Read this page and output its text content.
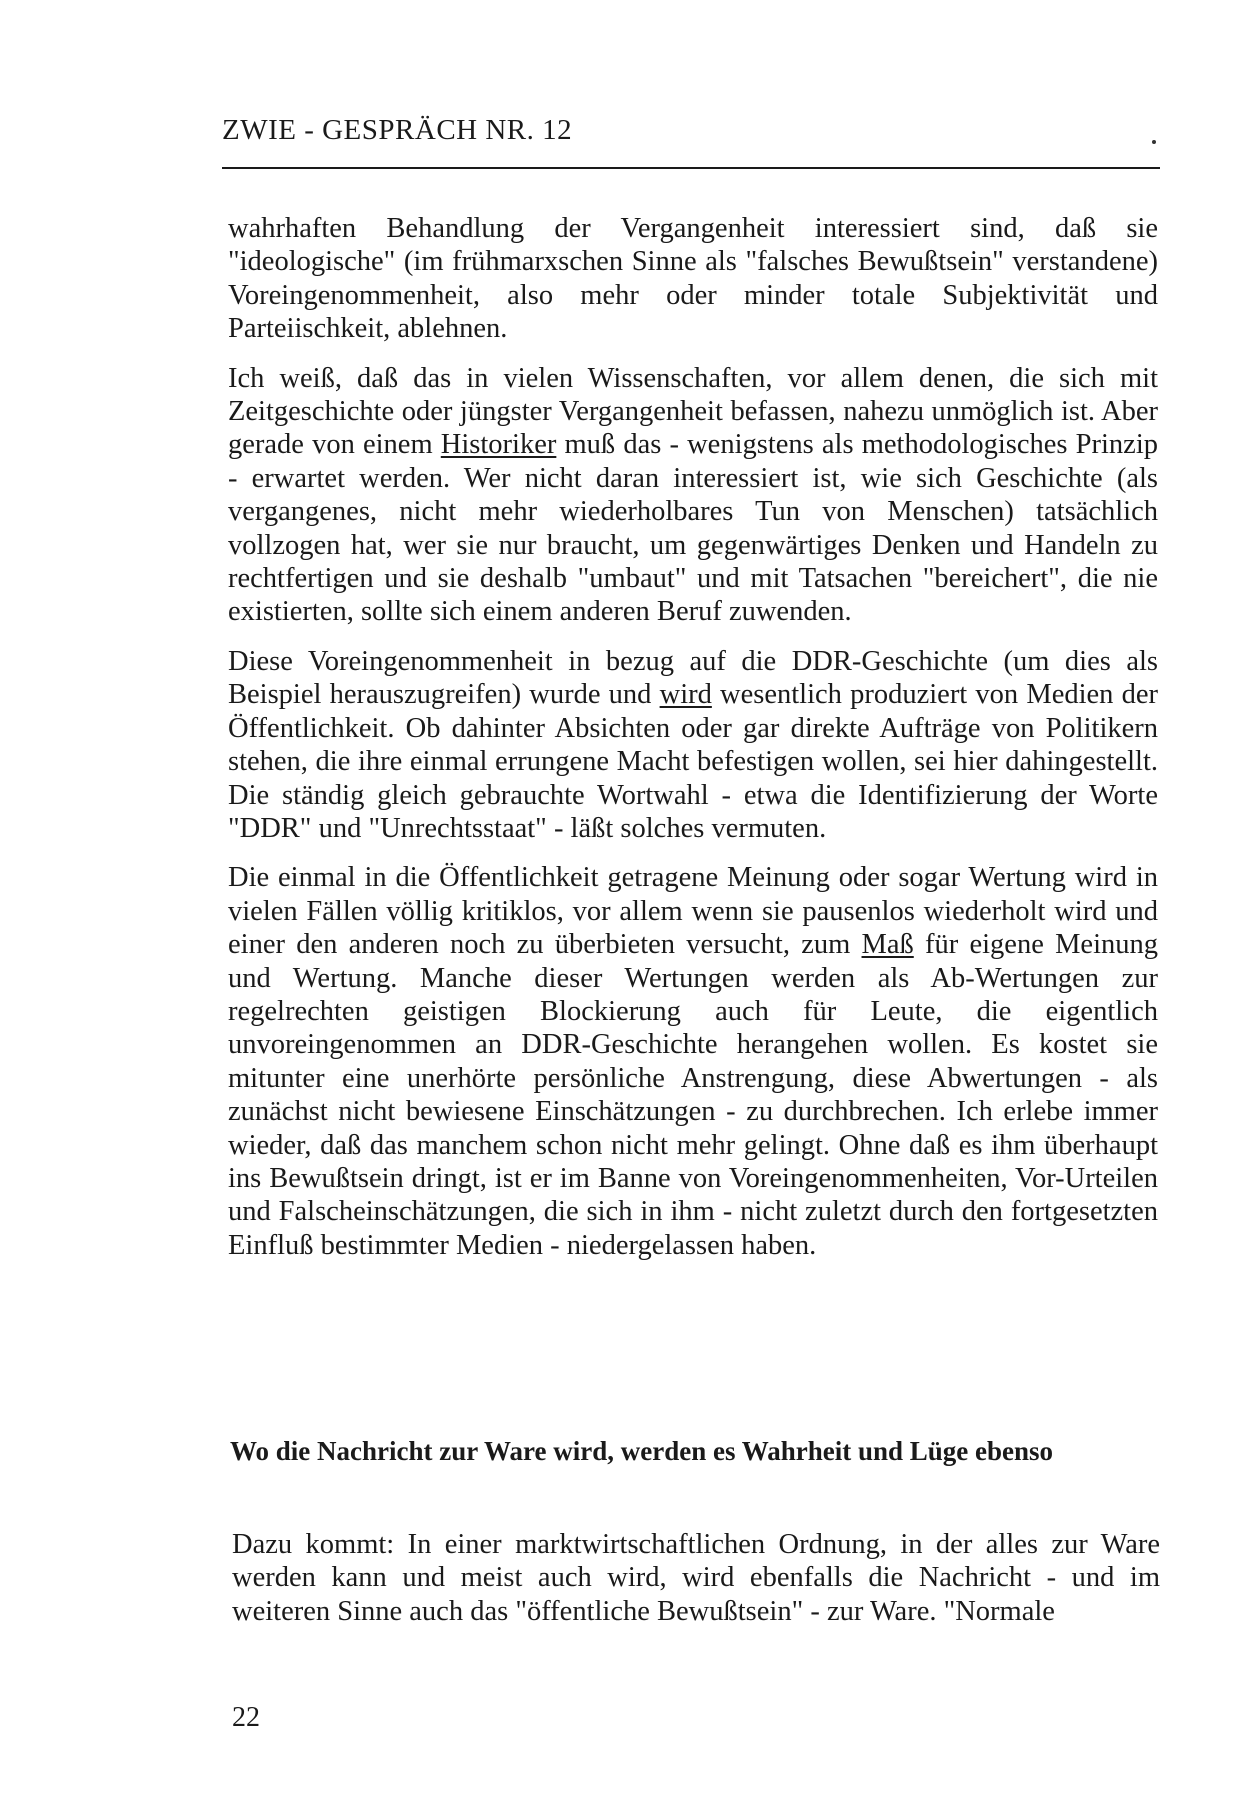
ZWIE - GESPRÄCH NR. 12

wahrhaften Behandlung der Vergangenheit interessiert sind, daß sie "ideologische" (im frühmarxschen Sinne als "falsches Bewußtsein" verstandene) Voreingenommenheit, also mehr oder minder totale Subjektivität und Parteiischkeit, ablehnen.

Ich weiß, daß das in vielen Wissenschaften, vor allem denen, die sich mit Zeitgeschichte oder jüngster Vergangenheit befassen, nahezu unmöglich ist. Aber gerade von einem Historiker muß das - wenigstens als methodologisches Prinzip - erwartet werden. Wer nicht daran interessiert ist, wie sich Geschichte (als vergangenes, nicht mehr wiederholbares Tun von Menschen) tatsächlich vollzogen hat, wer sie nur braucht, um gegenwärtiges Denken und Handeln zu rechtfertigen und sie deshalb "umbaut" und mit Tatsachen "bereichert", die nie existierten, sollte sich einem anderen Beruf zuwenden.

Diese Voreingenommenheit in bezug auf die DDR-Geschichte (um dies als Beispiel herauszugreifen) wurde und wird wesentlich produziert von Medien der Öffentlichkeit. Ob dahinter Absichten oder gar direkte Aufträge von Politikern stehen, die ihre einmal errungene Macht befestigen wollen, sei hier dahingestellt. Die ständig gleich gebrauchte Wortwahl - etwa die Identifizierung der Worte "DDR" und "Unrechtsstaat" - läßt solches vermuten.

Die einmal in die Öffentlichkeit getragene Meinung oder sogar Wertung wird in vielen Fällen völlig kritiklos, vor allem wenn sie pausenlos wiederholt wird und einer den anderen noch zu überbieten versucht, zum Maß für eigene Meinung und Wertung. Manche dieser Wertungen werden als Ab-Wertungen zur regelrechten geistigen Blockierung auch für Leute, die eigentlich unvoreingenommen an DDR-Geschichte herangehen wollen. Es kostet sie mitunter eine unerhörte persönliche Anstrengung, diese Abwertungen - als zunächst nicht bewiesene Einschätzungen - zu durchbrechen. Ich erlebe immer wieder, daß das manchem schon nicht mehr gelingt. Ohne daß es ihm überhaupt ins Bewußtsein dringt, ist er im Banne von Voreingenommenheiten, Vor-Urteilen und Falscheinschätzungen, die sich in ihm - nicht zuletzt durch den fortgesetzten Einfluß bestimmter Medien - niedergelassen haben.

Wo die Nachricht zur Ware wird, werden es Wahrheit und Lüge ebenso

Dazu kommt: In einer marktwirtschaftlichen Ordnung, in der alles zur Ware werden kann und meist auch wird, wird ebenfalls die Nachricht - und im weiteren Sinne auch das "öffentliche Bewußtsein" - zur Ware. "Normale

22
